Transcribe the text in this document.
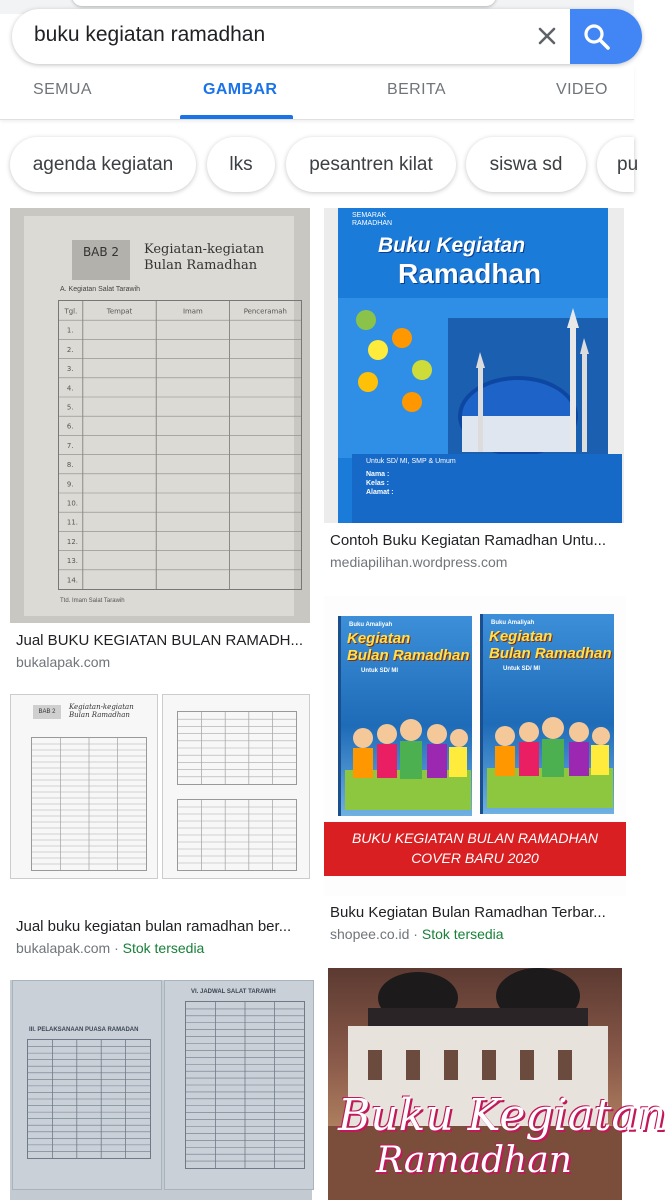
buku kegiatan ramadhan
SEMUA	GAMBAR	BERITA	VIDEO
agenda kegiatan	lks	pesantren kilat	siswa sd	pu
BAB 2	Kegiatan-kegiatan
Bulan Ramadhan
A. Kegiatan Salat Tarawih
Tgl.	Tempat	Imam	Penceramah
1.
2.
3.
4.
5.
6.
7.
8.
9.
10.
11.
12.
13.
14.
Ttd. Imam Salat Tarawih
Jual BUKU KEGIATAN BULAN RAMADH...
bukalapak.com
SEMARAK
RAMADHAN
Buku Kegiatan
Ramadhan
Untuk SD/ MI, SMP & Umum
Nama :
Kelas :
Alamat :
Contoh Buku Kegiatan Ramadhan Untu...
mediapilihan.wordpress.com
BAB 2
Kegiatan-kegiatan
Bulan Ramadhan
Jual buku kegiatan bulan ramadhan ber...
bukalapak.com · Stok tersedia
Buku Amaliyah
Kegiatan
Bulan Ramadhan
Untuk SD/ MI
Buku Amaliyah
Kegiatan
Bulan Ramadhan
Untuk SD/ MI
BUKU KEGIATAN BULAN RAMADHAN
COVER BARU 2020
Buku Kegiatan Bulan Ramadhan Terbar...
shopee.co.id · Stok tersedia
III. PELAKSANAAN PUASA RAMADAN
VI. JADWAL SALAT TARAWIH
Buku Kegiatan
Ramadhan
